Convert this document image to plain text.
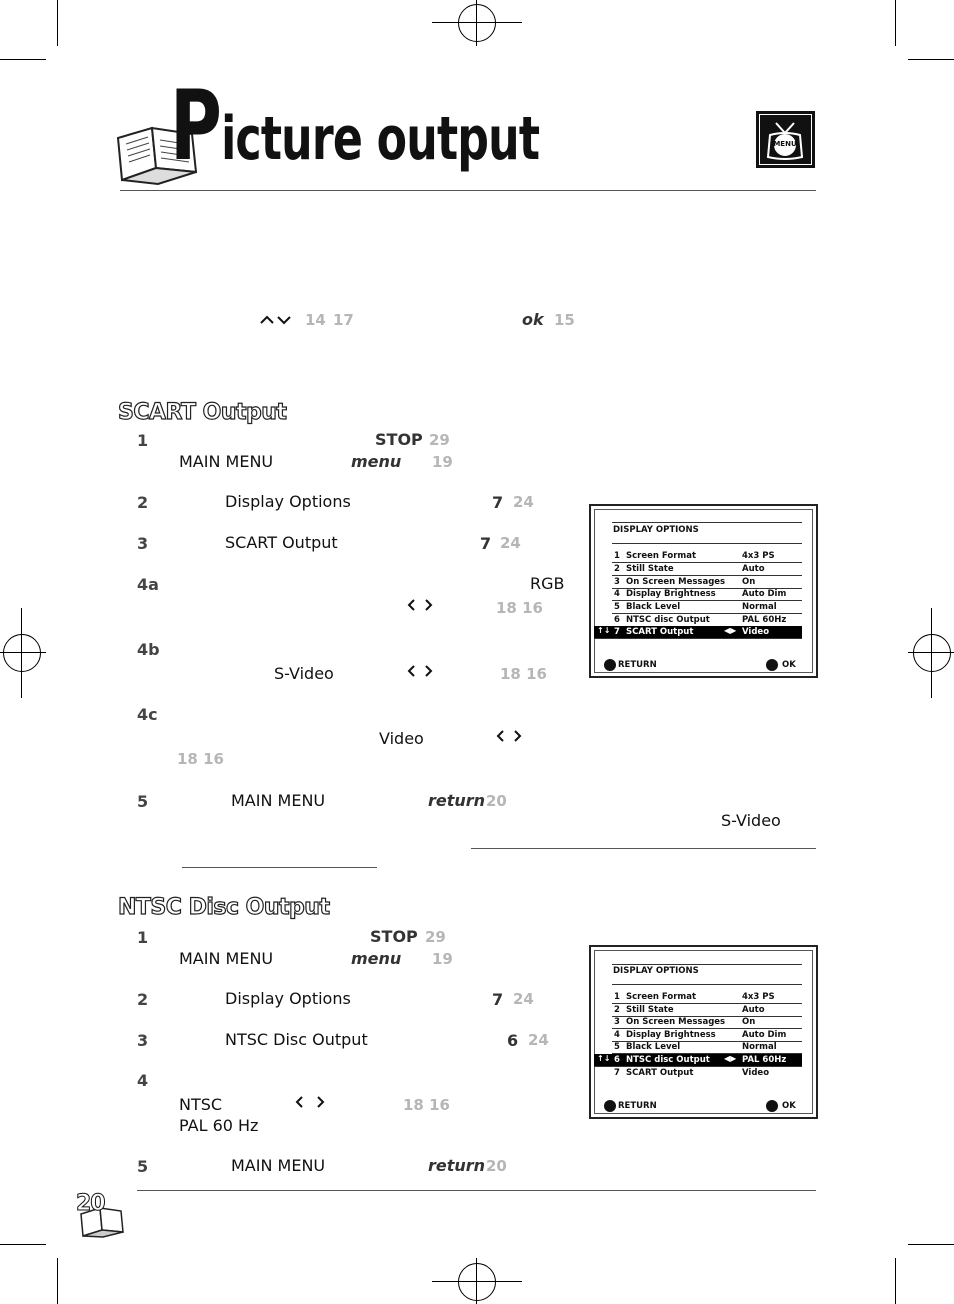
Picture output	MENU
14 17	ok 15
SCART Output
1	STOP 29
MAIN MENU	menu 19
2	Display Options	7 24
3	SCART Output	7 24
4a	RGB
18 16
4b
S-Video	18 16
4c
Video
18 16
5	MAIN MENU	return 20
S-Video
DISPLAY OPTIONS
1 Screen Format	4x3 PS
2 Still State	Auto
3 On Screen Messages On
4 Display Brightness	Auto Dim
5 Black Level	Normal
6 NTSC disc Output	PAL 60Hz
↑↓ 7 SCART Output	◀▶ Video
RETURN	OK
NTSC Disc Output
1	STOP 29
MAIN MENU	menu 19
2	Display Options	7 24
3	NTSC Disc Output	6 24
4
NTSC	18 16
PAL 60 Hz
5	MAIN MENU	return 20
DISPLAY OPTIONS
1 Screen Format	4x3 PS
2 Still State	Auto
3 On Screen Messages On
4 Display Brightness	Auto Dim
5 Black Level	Normal
↑↓ 6 NTSC disc Output ◀▶ PAL 60Hz
7 SCART Output	Video
RETURN	OK
20
